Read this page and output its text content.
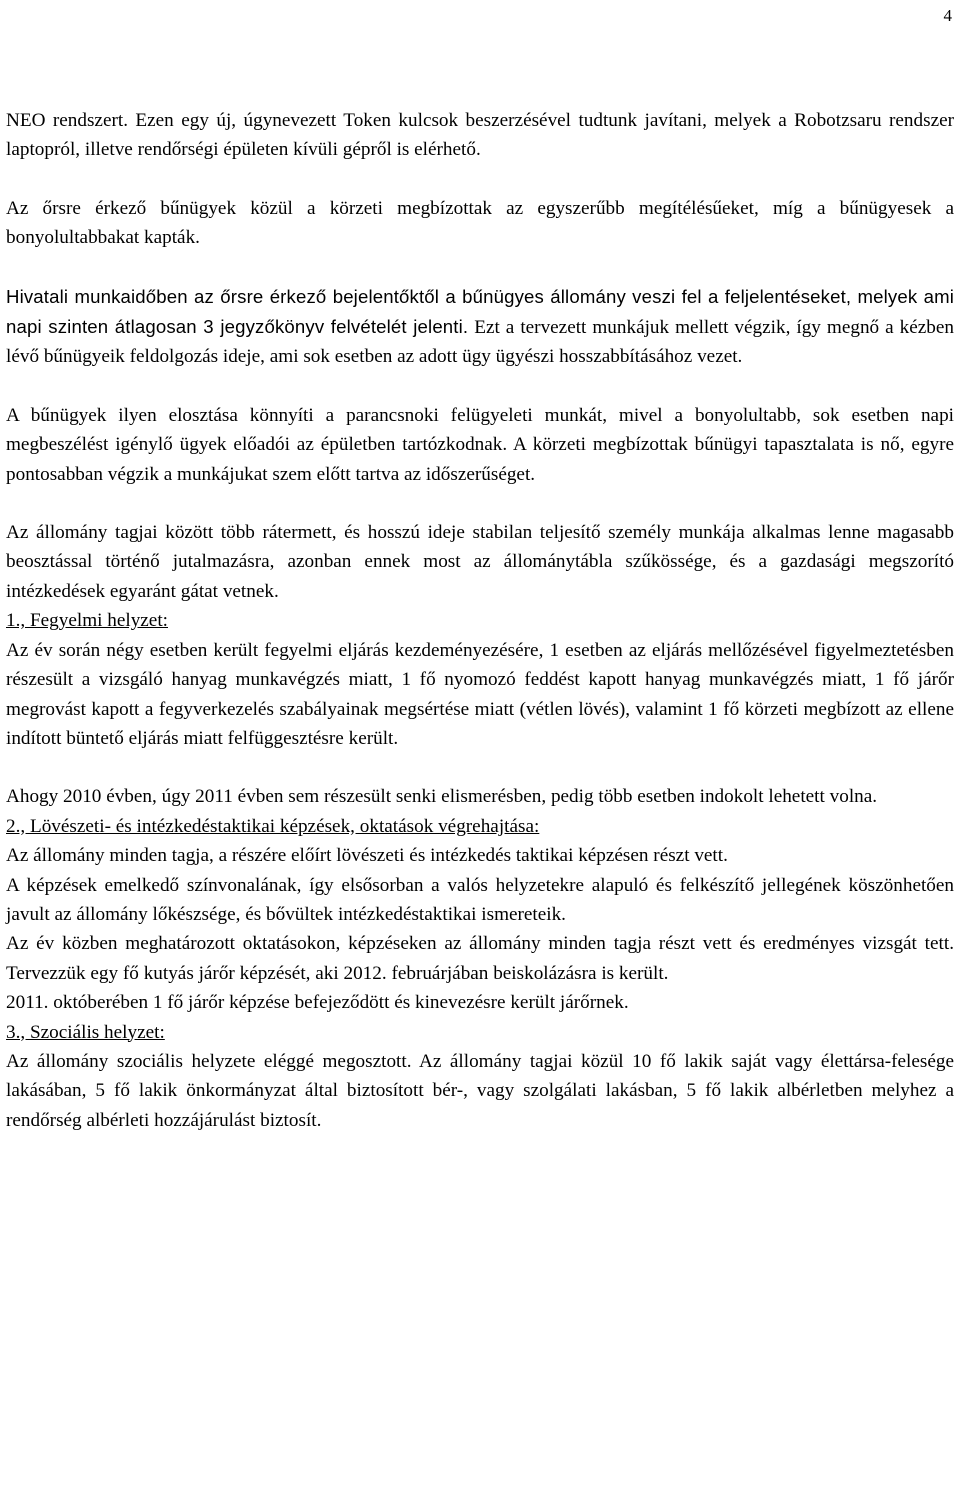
4

NEO rendszert. Ezen egy új, úgynevezett Token kulcsok beszerzésével tudtunk javítani, melyek a Robotzsaru rendszer laptopról, illetve rendőrségi épületen kívüli gépről is elérhető.

Az őrsre érkező bűnügyek közül a körzeti megbízottak az egyszerűbb megítélésűeket, míg a bűnügyesek a bonyolultabbakat kapták.

Hivatali munkaidőben az őrsre érkező bejelentőktől a bűnügyes állomány veszi fel a feljelentéseket, melyek ami napi szinten átlagosan 3 jegyzőkönyv felvételét jelenti. Ezt a tervezett munkájuk mellett végzik, így megnő a kézben lévő bűnügyeik feldolgozás ideje, ami sok esetben az adott ügy ügyészi hosszabbításához vezet.

A bűnügyek ilyen elosztása könnyíti a parancsnoki felügyeleti munkát, mivel a bonyolultabb, sok esetben napi megbeszélést igénylő ügyek előadói az épületben tartózkodnak. A körzeti megbízottak bűnügyi tapasztalata is nő, egyre pontosabban végzik a munkájukat szem előtt tartva az időszerűséget.

Az állomány tagjai között több rátermett, és hosszú ideje stabilan teljesítő személy munkája alkalmas lenne magasabb beosztással történő jutalmazásra, azonban ennek most az állománytábla szűkössége, és a gazdasági megszorító intézkedések egyaránt gátat vetnek.

1., Fegyelmi helyzet:

Az év során négy esetben került fegyelmi eljárás kezdeményezésére, 1 esetben az eljárás mellőzésével figyelmeztetésben részesült a vizsgáló hanyag munkavégzés miatt, 1 fő nyomozó feddést kapott hanyag munkavégzés miatt, 1 fő járőr megrovást kapott a fegyverkezelés szabályainak megsértése miatt (vétlen lövés), valamint 1 fő körzeti megbízott az ellene indított büntető eljárás miatt felfüggesztésre került.

Ahogy 2010 évben, úgy 2011 évben sem részesült senki elismerésben, pedig több esetben indokolt lehetett volna.

2., Lövészeti- és intézkedéstaktikai képzések, oktatások végrehajtása:

Az állomány minden tagja, a részére előírt lövészeti és intézkedés taktikai képzésen részt vett.

A képzések emelkedő színvonalának, így elsősorban a valós helyzetekre alapuló és felkészítő jellegének köszönhetően javult az állomány lőkészsége, és bővültek intézkedéstaktikai ismereteik.

Az év közben meghatározott oktatásokon, képzéseken az állomány minden tagja részt vett és eredményes vizsgát tett. Tervezzük egy fő kutyás járőr képzését, aki 2012. februárjában beiskolázásra is került.

2011. októberében 1 fő járőr képzése befejeződött és kinevezésre került járőrnek.

3., Szociális helyzet:

Az állomány szociális helyzete eléggé megosztott. Az állomány tagjai közül 10 fő lakik saját vagy élettársa-felesége lakásában, 5 fő lakik önkormányzat által biztosított bér-, vagy szolgálati lakásban, 5 fő lakik albérletben melyhez a rendőrség albérleti hozzájárulást biztosít.
